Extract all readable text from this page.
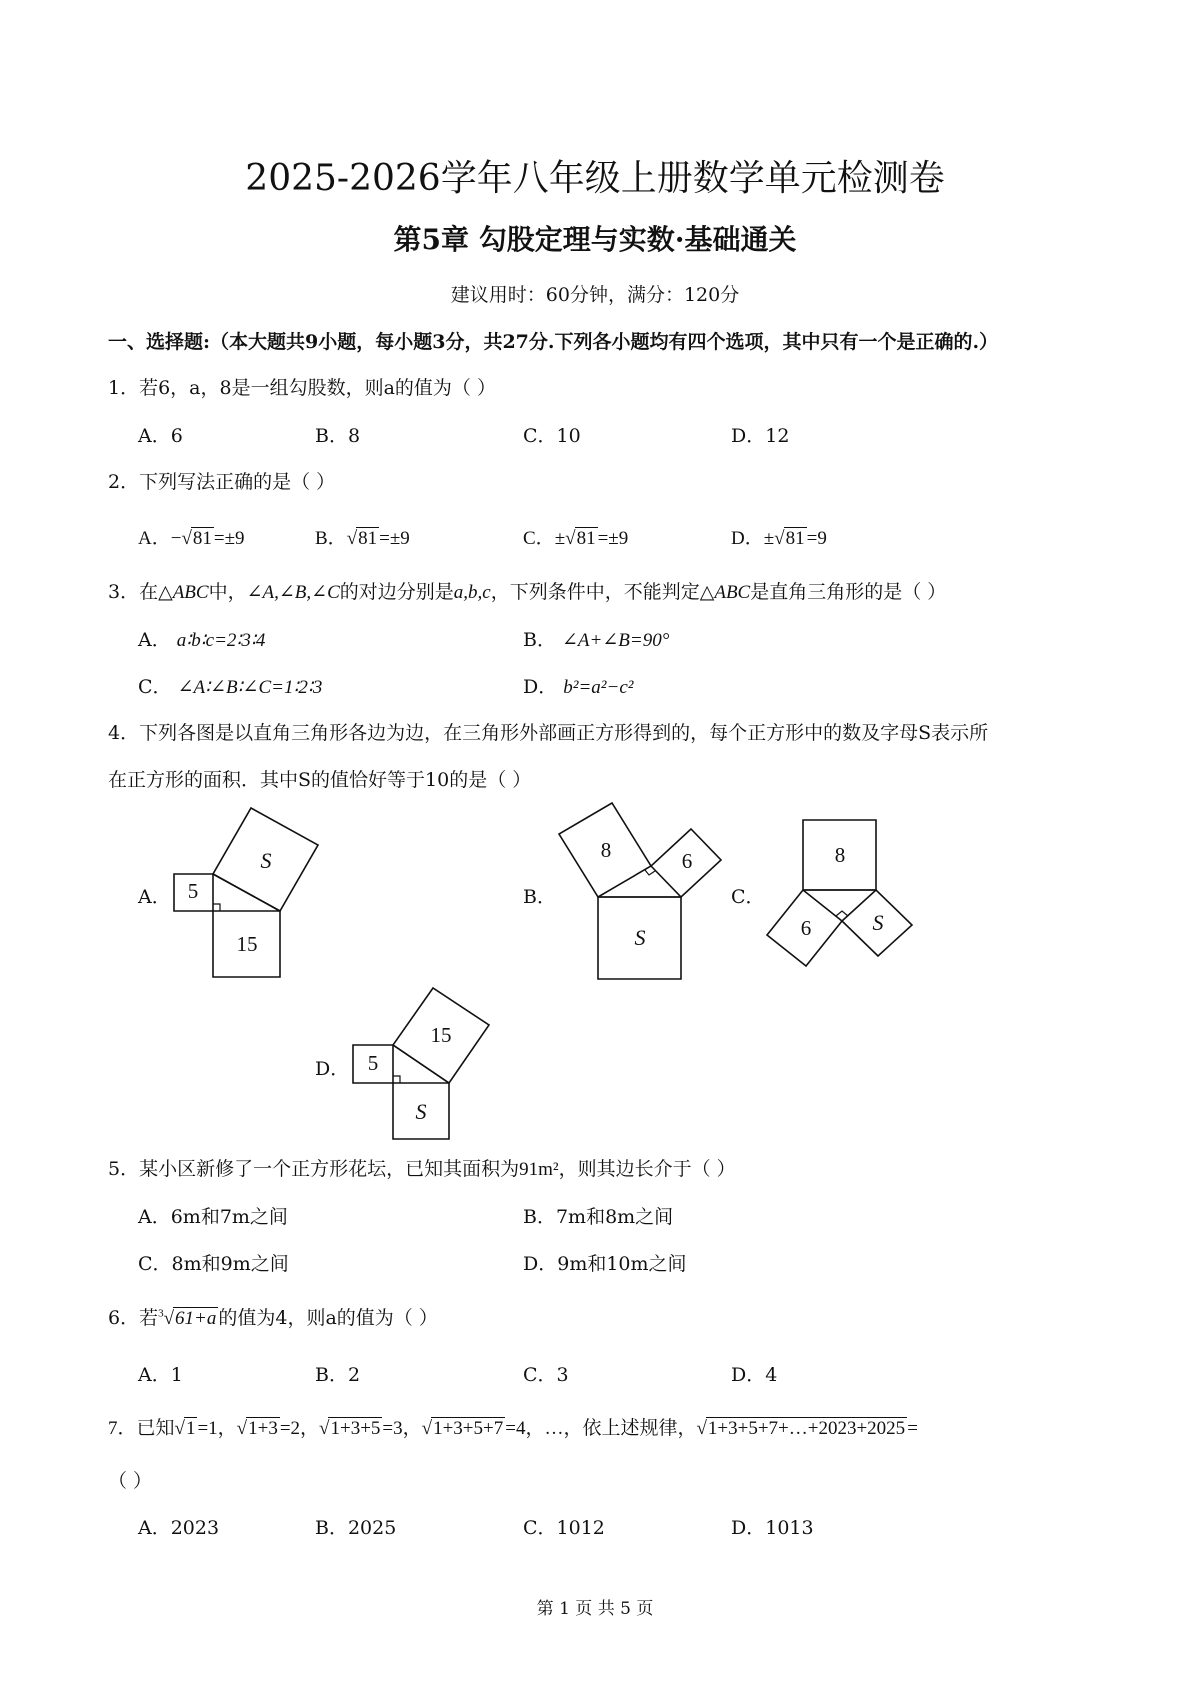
2025-2026学年八年级上册数学单元检测卷
第5章 勾股定理与实数·基础通关
建议用时：60分钟，满分：120分
一、选择题:（本大题共9小题，每小题3分，共27分.下列各小题均有四个选项，其中只有一个是正确的.）
1．若6，a，8是一组勾股数，则a的值为（ ）
A．6	B．8	C．10	D．12
2．下列写法正确的是（ ）
A．−√81 =±9	B．√81 =±9	C．±√81 =±9	D．±√81 =9
3．在△ABC中，∠A,∠B,∠C的对边分别是a,b,c，下列条件中，不能判定△ABC是直角三角形的是（ ）
A． a∶b∶c=2∶3∶4	B． ∠A+∠B=90°
C． ∠A∶∠B∶∠C=1∶2∶3	D． b²=a²−c²
4．下列各图是以直角三角形各边为边，在三角形外部画正方形得到的，每个正方形中的数及字母S表示所
在正方形的面积．其中S的值恰好等于10的是（ ）
A．	B．	C．
D．
5
15
S	8	6
S
8
6	S
5
15
S
5．某小区新修了一个正方形花坛，已知其面积为91m²，则其边长介于（ ）
A．6m和7m之间	B．7m和8m之间
C．8m和9m之间	D．9m和10m之间
6．若$^3$√61+a 的值为4，则a的值为（ ）
A．1	B．2	C．3	D．4
7．已知√1 =1，√1+3 =2，√1+3+5 =3，√1+3+5+7 =4，…，依上述规律，√1+3+5+7+…+2023+2025 =
（ ）
A．2023	B．2025	C．1012	D．1013
第 1 页 共 5 页
